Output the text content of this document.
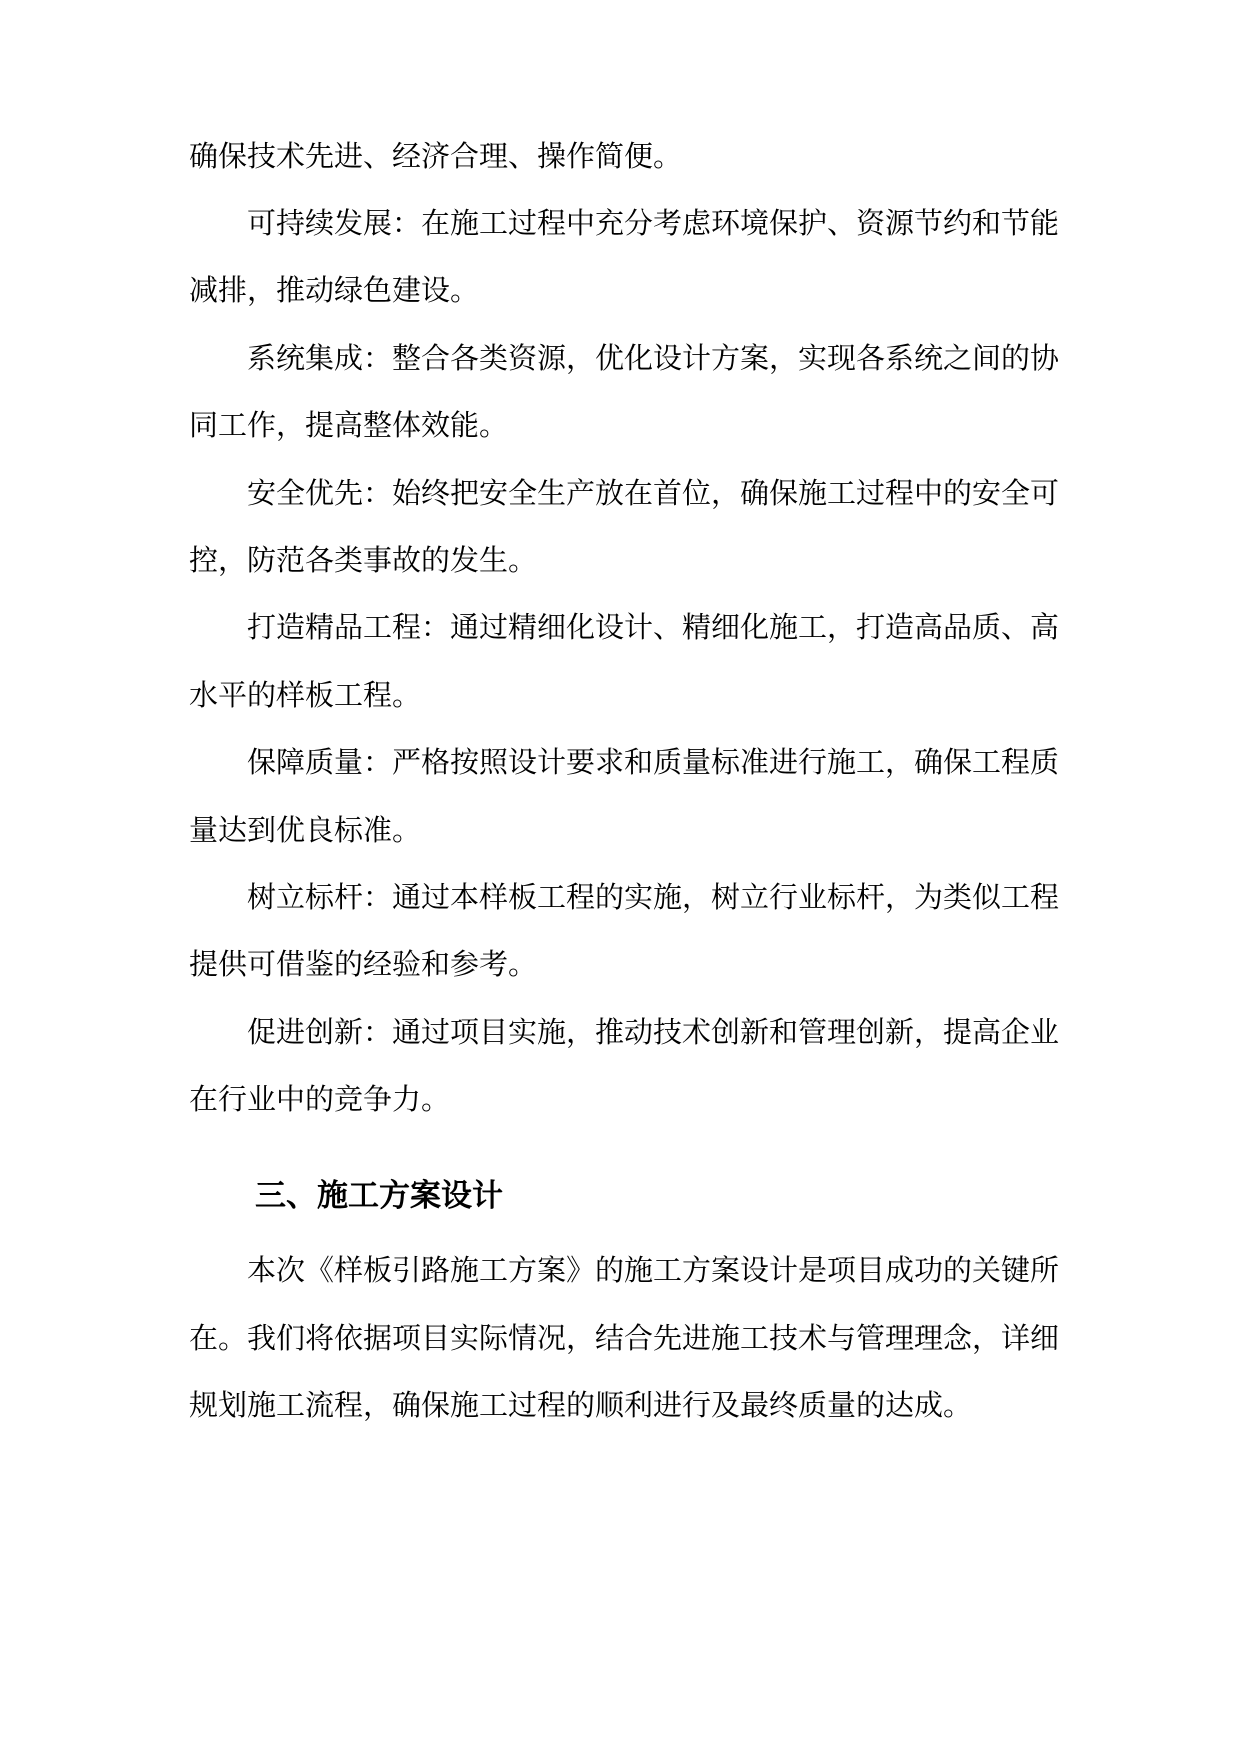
确保技术先进、经济合理、操作简便。
可持续发展：在施工过程中充分考虑环境保护、资源节约和节能
减排，推动绿色建设。
系统集成：整合各类资源，优化设计方案，实现各系统之间的协
同工作，提高整体效能。
安全优先：始终把安全生产放在首位，确保施工过程中的安全可
控，防范各类事故的发生。
打造精品工程：通过精细化设计、精细化施工，打造高品质、高
水平的样板工程。
保障质量：严格按照设计要求和质量标准进行施工，确保工程质
量达到优良标准。
树立标杆：通过本样板工程的实施，树立行业标杆，为类似工程
提供可借鉴的经验和参考。
促进创新：通过项目实施，推动技术创新和管理创新，提高企业
在行业中的竞争力。
三、施工方案设计
本次《样板引路施工方案》的施工方案设计是项目成功的关键所
在。我们将依据项目实际情况，结合先进施工技术与管理理念，详细
规划施工流程，确保施工过程的顺利进行及最终质量的达成。
